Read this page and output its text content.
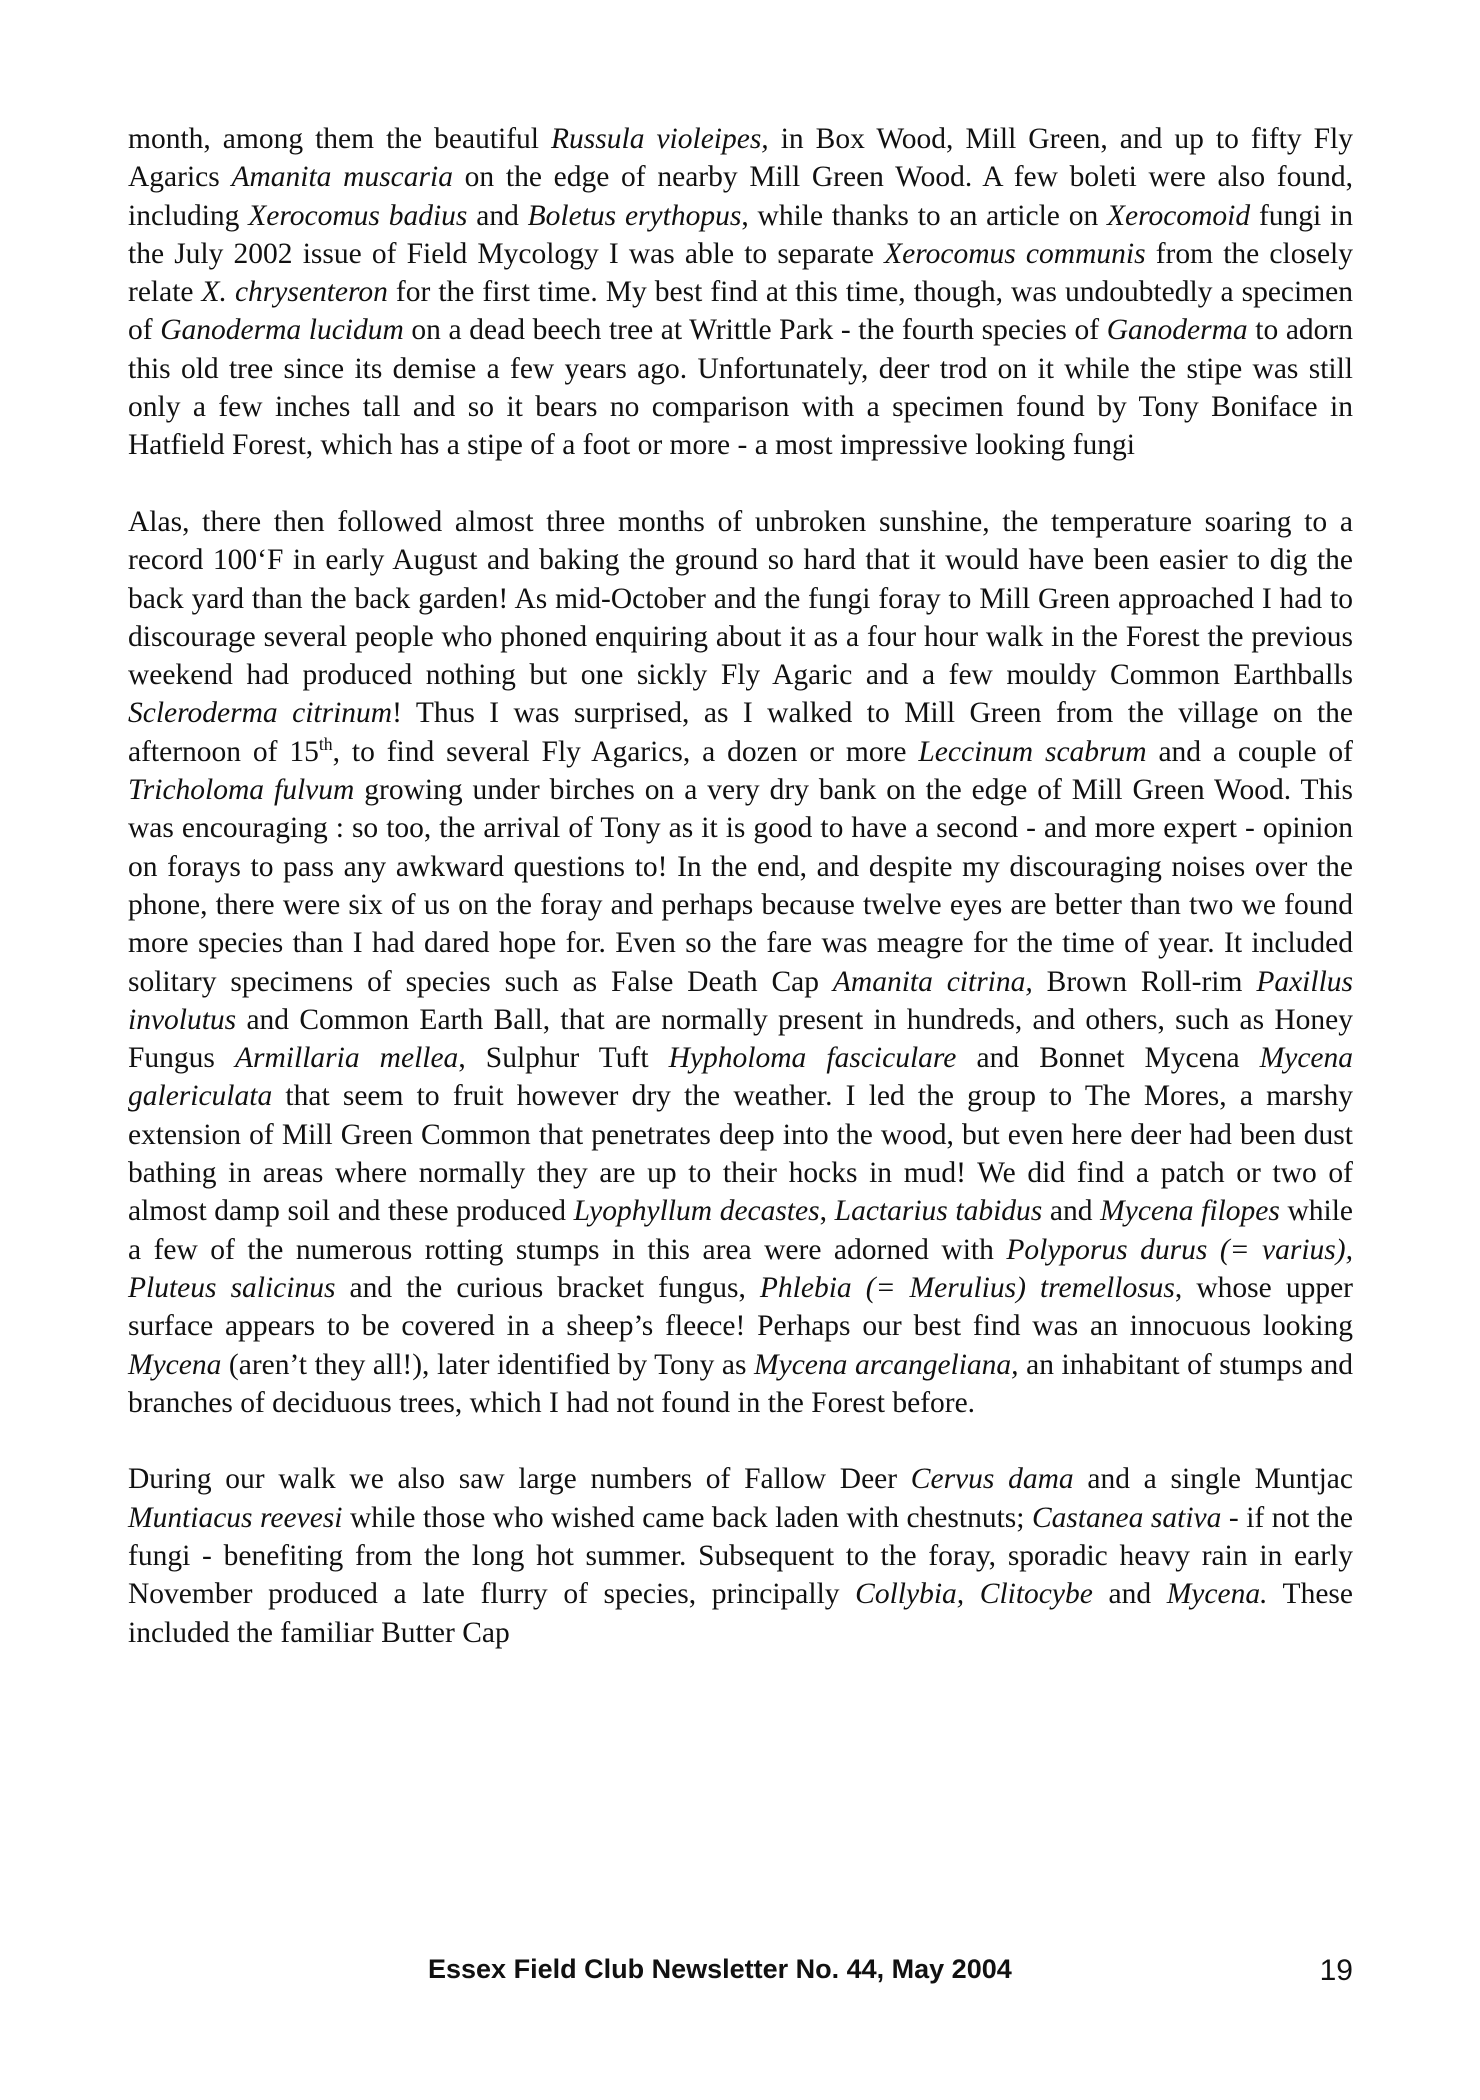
month, among them the beautiful Russula violeipes, in Box Wood, Mill Green, and up to fifty Fly Agarics Amanita muscaria on the edge of nearby Mill Green Wood. A few boleti were also found, including Xerocomus badius and Boletus erythopus, while thanks to an article on Xerocomoid fungi in the July 2002 issue of Field Mycology I was able to separate Xerocomus communis from the closely relate X. chrysenteron for the first time. My best find at this time, though, was undoubtedly a specimen of Ganoderma lucidum on a dead beech tree at Writtle Park - the fourth species of Ganoderma to adorn this old tree since its demise a few years ago. Unfortunately, deer trod on it while the stipe was still only a few inches tall and so it bears no comparison with a specimen found by Tony Boniface in Hatfield Forest, which has a stipe of a foot or more - a most impressive looking fungi

Alas, there then followed almost three months of unbroken sunshine, the temperature soaring to a record 100‘F in early August and baking the ground so hard that it would have been easier to dig the back yard than the back garden! As mid-October and the fungi foray to Mill Green approached I had to discourage several people who phoned enquiring about it as a four hour walk in the Forest the previous weekend had produced nothing but one sickly Fly Agaric and a few mouldy Common Earthballs Scleroderma citrinum! Thus I was surprised, as I walked to Mill Green from the village on the afternoon of 15th, to find several Fly Agarics, a dozen or more Leccinum scabrum and a couple of Tricholoma fulvum growing under birches on a very dry bank on the edge of Mill Green Wood. This was encouraging : so too, the arrival of Tony as it is good to have a second - and more expert - opinion on forays to pass any awkward questions to! In the end, and despite my discouraging noises over the phone, there were six of us on the foray and perhaps because twelve eyes are better than two we found more species than I had dared hope for. Even so the fare was meagre for the time of year. It included solitary specimens of species such as False Death Cap Amanita citrina, Brown Roll-rim Paxillus involutus and Common Earth Ball, that are normally present in hundreds, and others, such as Honey Fungus Armillaria mellea, Sulphur Tuft Hypholoma fasciculare and Bonnet Mycena Mycena galericulata that seem to fruit however dry the weather. I led the group to The Mores, a marshy extension of Mill Green Common that penetrates deep into the wood, but even here deer had been dust bathing in areas where normally they are up to their hocks in mud! We did find a patch or two of almost damp soil and these produced Lyophyllum decastes, Lactarius tabidus and Mycena filopes while a few of the numerous rotting stumps in this area were adorned with Polyporus durus (= varius), Pluteus salicinus and the curious bracket fungus, Phlebia (= Merulius) tremellosus, whose upper surface appears to be covered in a sheep’s fleece! Perhaps our best find was an innocuous looking Mycena (aren’t they all!), later identified by Tony as Mycena arcangeliana, an inhabitant of stumps and branches of deciduous trees, which I had not found in the Forest before.

During our walk we also saw large numbers of Fallow Deer Cervus dama and a single Muntjac Muntiacus reevesi while those who wished came back laden with chestnuts; Castanea sativa - if not the fungi - benefiting from the long hot summer. Subsequent to the foray, sporadic heavy rain in early November produced a late flurry of species, principally Collybia, Clitocybe and Mycena. These included the familiar Butter Cap

Essex Field Club Newsletter No. 44, May 2004	19
